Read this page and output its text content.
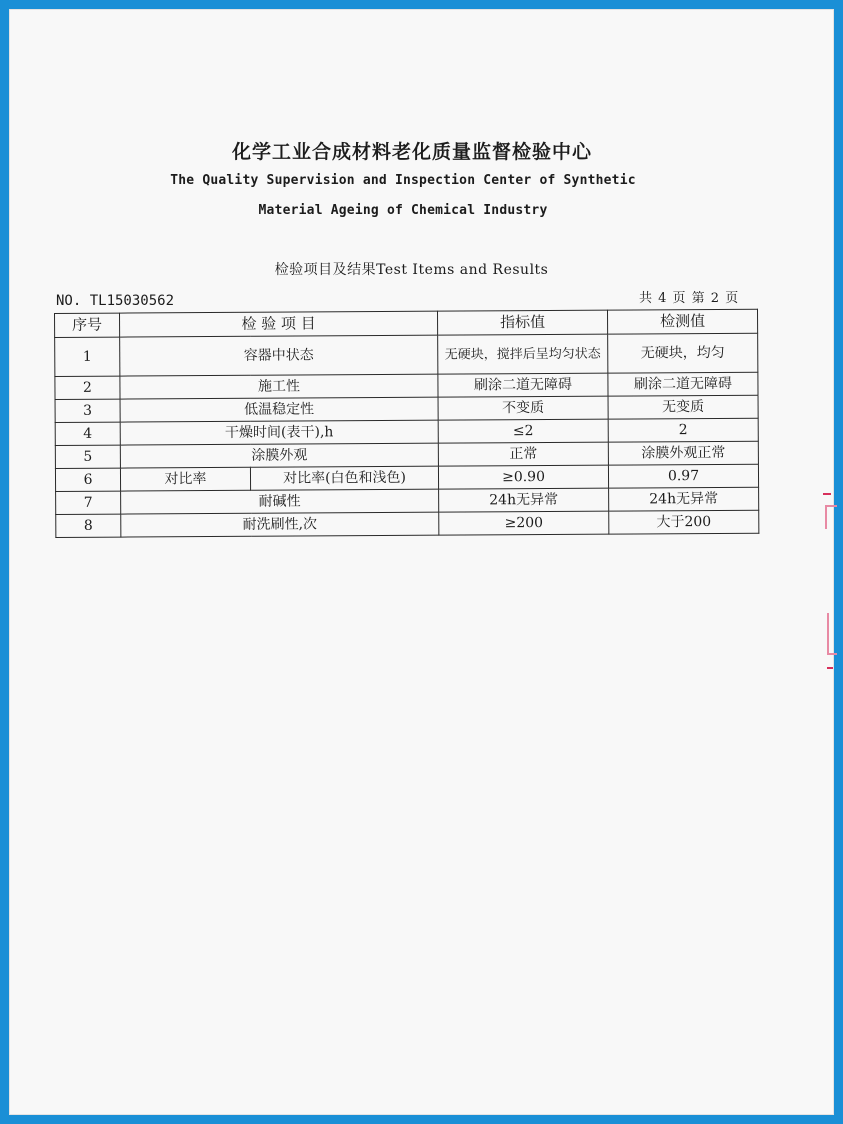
化学工业合成材料老化质量监督检验中心
The Quality Supervision and Inspection Center of Synthetic
Material Ageing of Chemical Industry
检验项目及结果Test Items and Results
NO. TL15030562	共 4 页 第 2 页
序号	检 验 项 目		指标值	检测值
1	容器中状态		无硬块，搅拌后呈均匀状态	无硬块，均匀
2	施工性		刷涂二道无障碍	刷涂二道无障碍
3	低温稳定性		不变质	无变质
4	干燥时间(表干),h		≤2	2
5	涂膜外观		正常	涂膜外观正常
6	对比率	对比率(白色和浅色)	≥0.90	0.97
7	耐碱性		24h无异常	24h无异常
8	耐洗刷性,次		≥200	大于200
